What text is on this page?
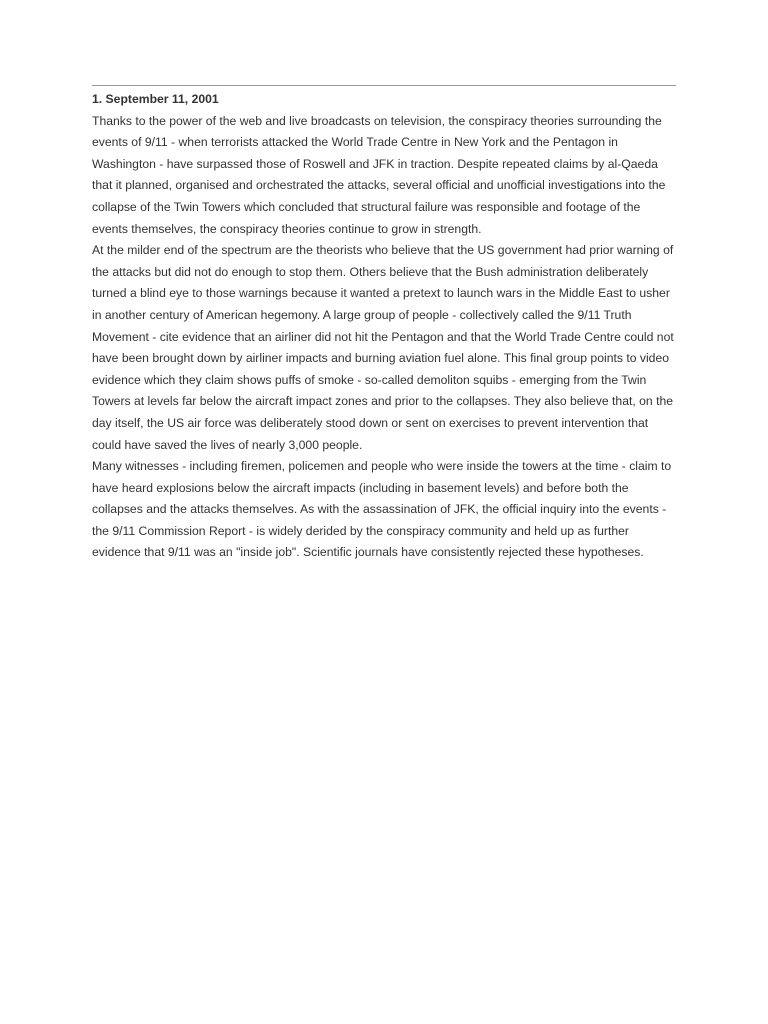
1. September 11, 2001

Thanks to the power of the web and live broadcasts on television, the conspiracy theories surrounding the events of 9/11 - when terrorists attacked the World Trade Centre in New York and the Pentagon in Washington - have surpassed those of Roswell and JFK in traction. Despite repeated claims by al-Qaeda that it planned, organised and orchestrated the attacks, several official and unofficial investigations into the collapse of the Twin Towers which concluded that structural failure was responsible and footage of the events themselves, the conspiracy theories continue to grow in strength.

At the milder end of the spectrum are the theorists who believe that the US government had prior warning of the attacks but did not do enough to stop them. Others believe that the Bush administration deliberately turned a blind eye to those warnings because it wanted a pretext to launch wars in the Middle East to usher in another century of American hegemony. A large group of people - collectively called the 9/11 Truth Movement - cite evidence that an airliner did not hit the Pentagon and that the World Trade Centre could not have been brought down by airliner impacts and burning aviation fuel alone. This final group points to video evidence which they claim shows puffs of smoke - so-called demoliton squibs - emerging from the Twin Towers at levels far below the aircraft impact zones and prior to the collapses. They also believe that, on the day itself, the US air force was deliberately stood down or sent on exercises to prevent intervention that could have saved the lives of nearly 3,000 people.

Many witnesses - including firemen, policemen and people who were inside the towers at the time - claim to have heard explosions below the aircraft impacts (including in basement levels) and before both the collapses and the attacks themselves. As with the assassination of JFK, the official inquiry into the events - the 9/11 Commission Report - is widely derided by the conspiracy community and held up as further evidence that 9/11 was an "inside job". Scientific journals have consistently rejected these hypotheses.
